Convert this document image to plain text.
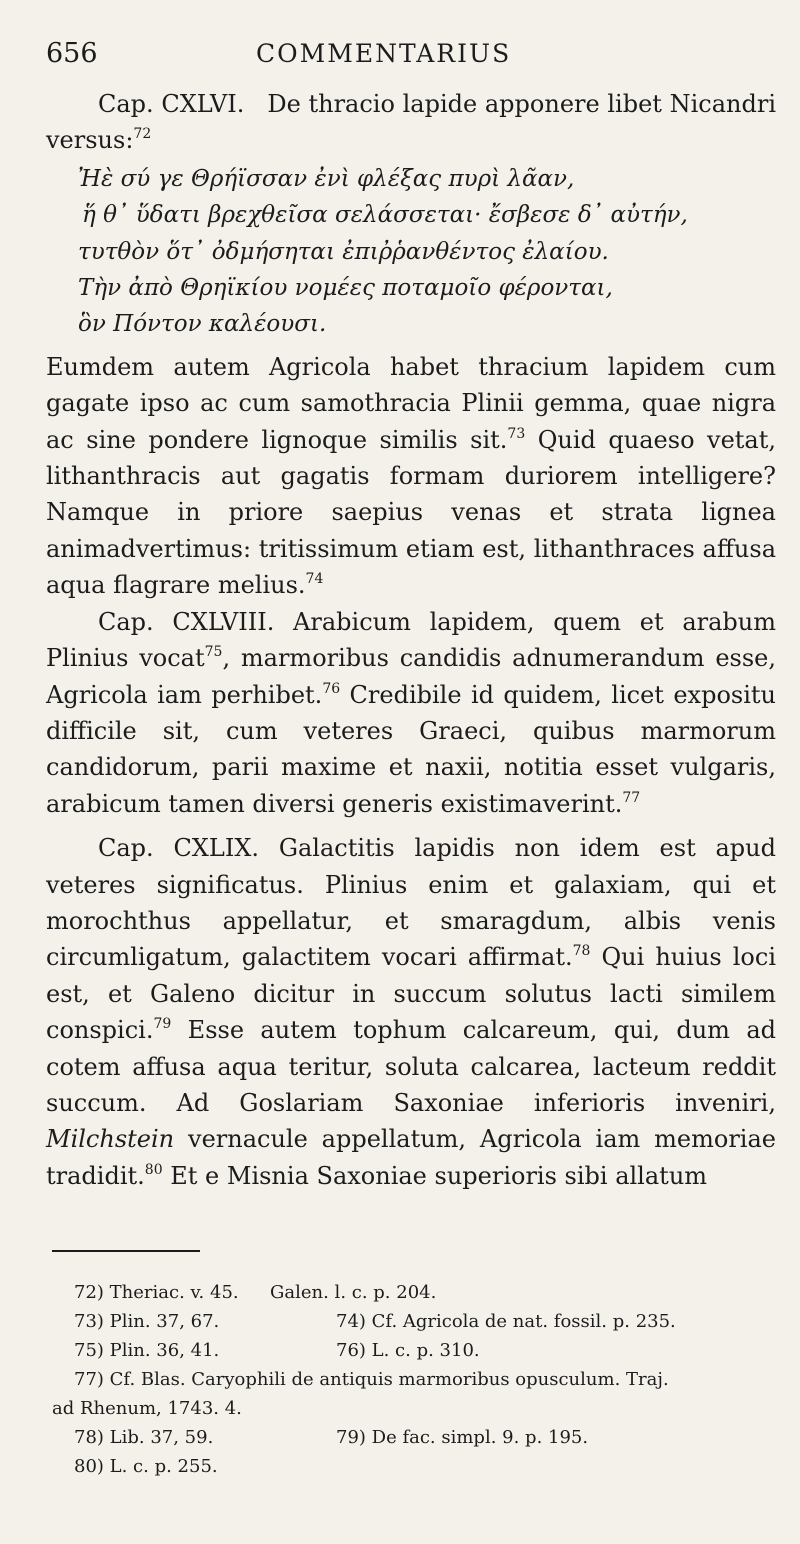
656	COMMENTARIUS

Cap. CXLVI. De thracio lapide apponere libet Nicandri versus:$^{72}$

Ἠὲ σύ γε Θρήϊσσαν ἐνὶ φλέξας πυρὶ λᾶαν,
ἥ θ᾽ ὕδατι βρεχθεῖσα σελάσσεται· ἔσβεσε δ᾽ αὐτήν,
τυτθὸν ὅτ᾽ ὀδμήσηται ἐπιῤῥανθέντος ἐλαίου.
Τὴν ἀπὸ Θρηϊκίου νομέες ποταμοῖο φέρονται,
ὃν Πόντον καλέουσι.

Eumdem autem Agricola habet thracium lapidem cum gagate ipso ac cum samothracia Plinii gemma, quae nigra ac sine pondere lignoque similis sit.$^{73}$ Quid quaeso vetat, lithanthracis aut gagatis formam duriorem intelligere? Namque in priore saepius venas et strata lignea animadvertimus: tritissimum etiam est, lithanthraces affusa aqua flagrare melius.$^{74}$

Cap. CXLVIII. Arabicum lapidem, quem et arabum Plinius vocat$^{75}$, marmoribus candidis adnumerandum esse, Agricola iam perhibet.$^{76}$ Credibile id quidem, licet expositu difficile sit, cum veteres Graeci, quibus marmorum candidorum, parii maxime et naxii, notitia esset vulgaris, arabicum tamen diversi generis existimaverint.$^{77}$

Cap. CXLIX. Galactitis lapidis non idem est apud veteres significatus. Plinius enim et galaxiam, qui et morochthus appellatur, et smaragdum, albis venis circumligatum, galactitem vocari affirmat.$^{78}$ Qui huius loci est, et Galeno dicitur in succum solutus lacti similem conspici.$^{79}$ Esse autem tophum calcareum, qui, dum ad cotem affusa aqua teritur, soluta calcarea, lacteum reddit succum. Ad Goslariam Saxoniae inferioris inveniri, Milchstein vernacule appellatum, Agricola iam memoriae tradidit.$^{80}$ Et e Misnia Saxoniae superioris sibi allatum

72) Theriac. v. 45.	Galen. l. c. p. 204.
73) Plin. 37, 67.	74) Cf. Agricola de nat. fossil. p. 235.
75) Plin. 36, 41.	76) L. c. p. 310.
77) Cf. Blas. Caryophili de antiquis marmoribus opusculum. Traj.
ad Rhenum, 1743. 4.
78) Lib. 37, 59.	79) De fac. simpl. 9. p. 195.
80) L. c. p. 255.
